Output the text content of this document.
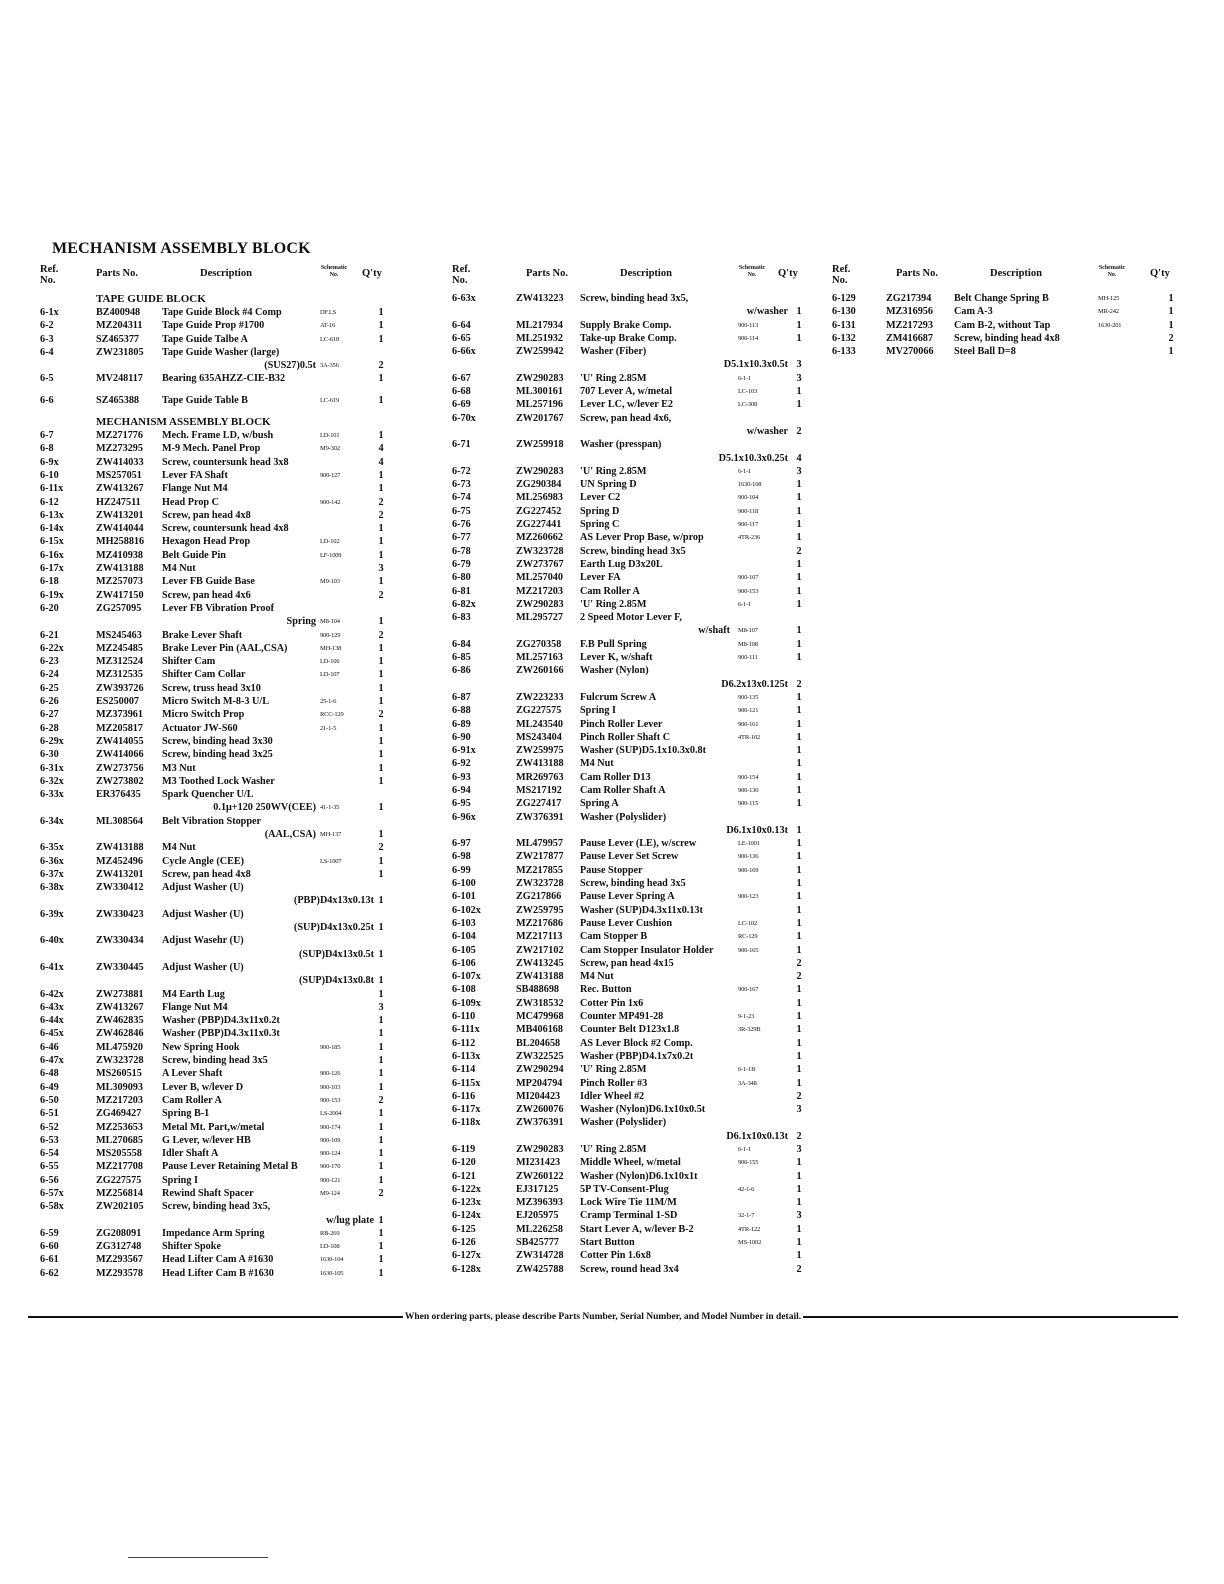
MECHANISM ASSEMBLY BLOCK
Ref. No.
Parts No.	Description	Schematic No.	Q'ty
TAPE GUIDE BLOCK
6-1x	BZ400948 Tape Guide Block #4 Comp	DF.LS	1
6-2	MZ204311 Tape Guide Prop #1700	AT-16	1
6-3	SZ465377 Tape Guide Talbe A	LC-618	1
6-4	ZW231805 Tape Guide Washer (large)
(SUS27)0.5t 3A-356	2
6-5	MV248117 Bearing 635AHZZ-CIE-B32	1
6-6	SZ465388 Tape Guide Table B	LC-619	1
MECHANISM ASSEMBLY BLOCK
6-7	MZ271776 Mech. Frame LD, w/bush	LD-101	1
6-8	MZ273295 M-9 Mech. Panel Prop	M9-302	4
6-9x	ZW414033 Screw, countersunk head 3x8	4
6-10	MS257051 Lever FA Shaft	900-127	1
6-11x	ZW413267 Flange Nut M4	1
6-12	HZ247511 Head Prop C	900-142	2
6-13x	ZW413201 Screw, pan head 4x8	2
6-14x	ZW414044 Screw, countersunk head 4x8	1
6-15x	MH258816 Hexagon Head Prop	LD-102	1
6-16x	MZ410938 Belt Guide Pin	LF-1009	1
6-17x	ZW413188 M4 Nut	3
6-18	MZ257073 Lever FB Guide Base	M9-103	1
6-19x	ZW417150 Screw, pan head 4x6	2
6-20	ZG257095 Lever FB Vibration Proof
Spring M8-104	1
6-21	MS245463 Brake Lever Shaft	900-129	2
6-22x	MZ245485 Brake Lever Pin (AAL,CSA)	MH-138	1
6-23	MZ312524 Shifter Cam	LD-106	1
6-24	MZ312535 Shifter Cam Collar	LD-107	1
6-25	ZW393726 Screw, truss head 3x10	1
6-26	ES250007 Micro Switch M-8-3 U/L	25-1-6	1
6-27	MZ373961 Micro Switch Prop	RCC-129	2
6-28	MZ205817 Actuator JW-S60	21-1-5	1
6-29x	ZW414055 Screw, binding head 3x30	1
6-30	ZW414066 Screw, binding head 3x25	1
6-31x	ZW273756 M3 Nut	1
6-32x	ZW273802 M3 Toothed Lock Washer	1
6-33x	ER376435 Spark Quencher U/L
0.1μ+120 250WV(CEE) 41-1-35	1
6-34x	ML308564 Belt Vibration Stopper
(AAL,CSA) MH-137	1
6-35x	ZW413188 M4 Nut	2
6-36x	MZ452496 Cycle Angle (CEE)	LS-1007	1
6-37x	ZW413201 Screw, pan head 4x8	1
6-38x	ZW330412 Adjust Washer (U)
(PBP)D4x13x0.13t 1
6-39x	ZW330423 Adjust Washer (U)
(SUP)D4x13x0.25t 1
6-40x	ZW330434 Adjust Wasehr (U)
(SUP)D4x13x0.5t 1
6-41x	ZW330445 Adjust Washer (U)
(SUP)D4x13x0.8t 1
6-42x	ZW273881 M4 Earth Lug	1
6-43x	ZW413267 Flange Nut M4	3
6-44x	ZW462835 Washer (PBP)D4.3x11x0.2t	1
6-45x	ZW462846 Washer (PBP)D4.3x11x0.3t	1
6-46	ML475920 New Spring Hook	900-185	1
6-47x	ZW323728 Screw, binding head 3x5	1
6-48	MS260515 A Lever Shaft	900-126	1
6-49	ML309093 Lever B, w/lever D	900-103	1
6-50	MZ217203 Cam Roller A	900-153	2
6-51	ZG469427 Spring B-1	LS-2004	1
6-52	MZ253653 Metal Mt. Part,w/metal	900-174	1
6-53	ML270685 G Lever, w/lever HB	900-109	1
6-54	MS205558 Idler Shaft A	900-124	1
6-55	MZ217708 Pause Lever Retaining Metal B	900-170	1
6-56	ZG227575 Spring I	900-121	1
6-57x	MZ256814 Rewind Shaft Spacer	M9-124	2
6-58x	ZW202105 Screw, binding head 3x5,
w/lug plate 1
6-59	ZG208091 Impedance Arm Spring	RB-269	1
6-60	ZG312748 Shifter Spoke	LD-108	1
6-61	MZ293567 Head Lifter Cam A #1630	1630-104	1
6-62	MZ293578 Head Lifter Cam B #1630	1630-105	1
Ref. No.
Parts No.	Description	Schematic No.	Q'ty
6-63x	ZW413223 Screw, binding head 3x5,
w/washer 1
6-64	ML217934 Supply Brake Comp.	900-113	1
6-65	ML251932 Take-up Brake Comp.	900-114	1
6-66x	ZW259942 Washer (Fiber)
D5.1x10.3x0.5t 3
6-67	ZW290283 'U' Ring 2.85M	6-1-1	3
6-68	ML300161 707 Lever A, w/metal	LC-103	1
6-69	ML257196 Lever LC, w/lever E2	LC-308	1
6-70x	ZW201767 Screw, pan head 4x6,
w/washer 2
6-71	ZW259918 Washer (presspan)
D5.1x10.3x0.25t 4
6-72	ZW290283 'U' Ring 2.85M	6-1-1	3
6-73	ZG290384 UN Spring D	1630-108	1
6-74	ML256983 Lever C2	900-104	1
6-75	ZG227452 Spring D	900-118	1
6-76	ZG227441 Spring C	900-117	1
6-77	MZ260662 AS Lever Prop Base, w/prop	4TR-236	1
6-78	ZW323728 Screw, binding head 3x5	2
6-79	ZW273767 Earth Lug D3x20L	1
6-80	ML257040 Lever FA	900-107	1
6-81	MZ217203 Cam Roller A	900-153	1
6-82x	ZW290283 'U' Ring 2.85M	6-1-1	1
6-83	ML295727 2 Speed Motor Lever F,
w/shaft M8-107	1
6-84	ZG270358 F.B Pull Spring	M8-108	1
6-85	ML257163 Lever K, w/shaft	900-111	1
6-86	ZW260166 Washer (Nylon)
D6.2x13x0.125t 2
6-87	ZW223233 Fulcrum Screw A	900-135	1
6-88	ZG227575 Spring I	900-121	1
6-89	ML243540 Pinch Roller Lever	900-161	1
6-90	MS243404 Pinch Roller Shaft C	4TR-102	1
6-91x	ZW259975 Washer (SUP)D5.1x10.3x0.8t	1
6-92	ZW413188 M4 Nut	1
6-93	MR269763 Cam Roller D13	900-154	1
6-94	MS217192 Cam Roller Shaft A	900-130	1
6-95	ZG227417 Spring A	900-115	1
6-96x	ZW376391 Washer (Polyslider)
D6.1x10x0.13t 1
6-97	ML479957 Pause Lever (LE), w/screw	LE-1001	1
6-98	ZW217877 Pause Lever Set Screw	900-136	1
6-99	MZ217855 Pause Stopper	900-169	1
6-100	ZW323728 Screw, binding head 3x5	1
6-101	ZG217866 Pause Lever Spring A	900-123	1
6-102x	ZW259795 Washer (SUP)D4.3x11x0.13t	1
6-103	MZ217686 Pause Lever Cushion	LC-102	1
6-104	MZ217113 Cam Stopper B	RC-129	1
6-105	ZW217102 Cam Stopper Insulator Holder	900-165	1
6-106	ZW413245 Screw, pan head 4x15	2
6-107x	ZW413188 M4 Nut	2
6-108	SB488698 Rec. Button	900-167	1
6-109x	ZW318532 Cotter Pin 1x6	1
6-110	MC479968 Counter MP491-28	9-1-23	1
6-111x	MB406168 Counter Belt D123x1.8	3R-329B	1
6-112	BL204658 AS Lever Block #2 Comp.	1
6-113x	ZW322525 Washer (PBP)D4.1x7x0.2t	1
6-114	ZW290294 'U' Ring 2.85M	6-1-1B	1
6-115x	MP204794 Pinch Roller #3	3A-348	1
6-116	MI204423 Idler Wheel #2	2
6-117x	ZW260076 Washer (Nylon)D6.1x10x0.5t	3
6-118x	ZW376391 Washer (Polyslider)
D6.1x10x0.13t 2
6-119	ZW290283 'U' Ring 2.85M	6-1-1	3
6-120	MI231423 Middle Wheel, w/metal	900-155	1
6-121	ZW260122 Washer (Nylon)D6.1x10x1t	1
6-122x	EJ317125 5P TV-Consent-Plug	42-1-6	1
6-123x	MZ396393 Lock Wire Tie 11M/M	1
6-124x	EJ205975 Cramp Terminal 1-SD	32-1-7	3
6-125	ML226258 Start Lever A, w/lever B-2	4TR-122	1
6-126	SB425777 Start Button	MS-1002	1
6-127x	ZW314728 Cotter Pin 1.6x8	1
6-128x	ZW425788 Screw, round head 3x4	2
Ref. No.
Parts No.	Description	Schematic No.	Q'ty
6-129	ZG217394 Belt Change Spring B	MH-125	1
6-130	MZ316956 Cam A-3	MR-242	1
6-131	MZ217293 Cam B-2, without Tap	1630-201	1
6-132	ZM416687 Screw, binding head 4x8	2
6-133	MV270066 Steel Ball D=8	1
When ordering parts, please describe Parts Number, Serial Number, and Model Number in detail.
